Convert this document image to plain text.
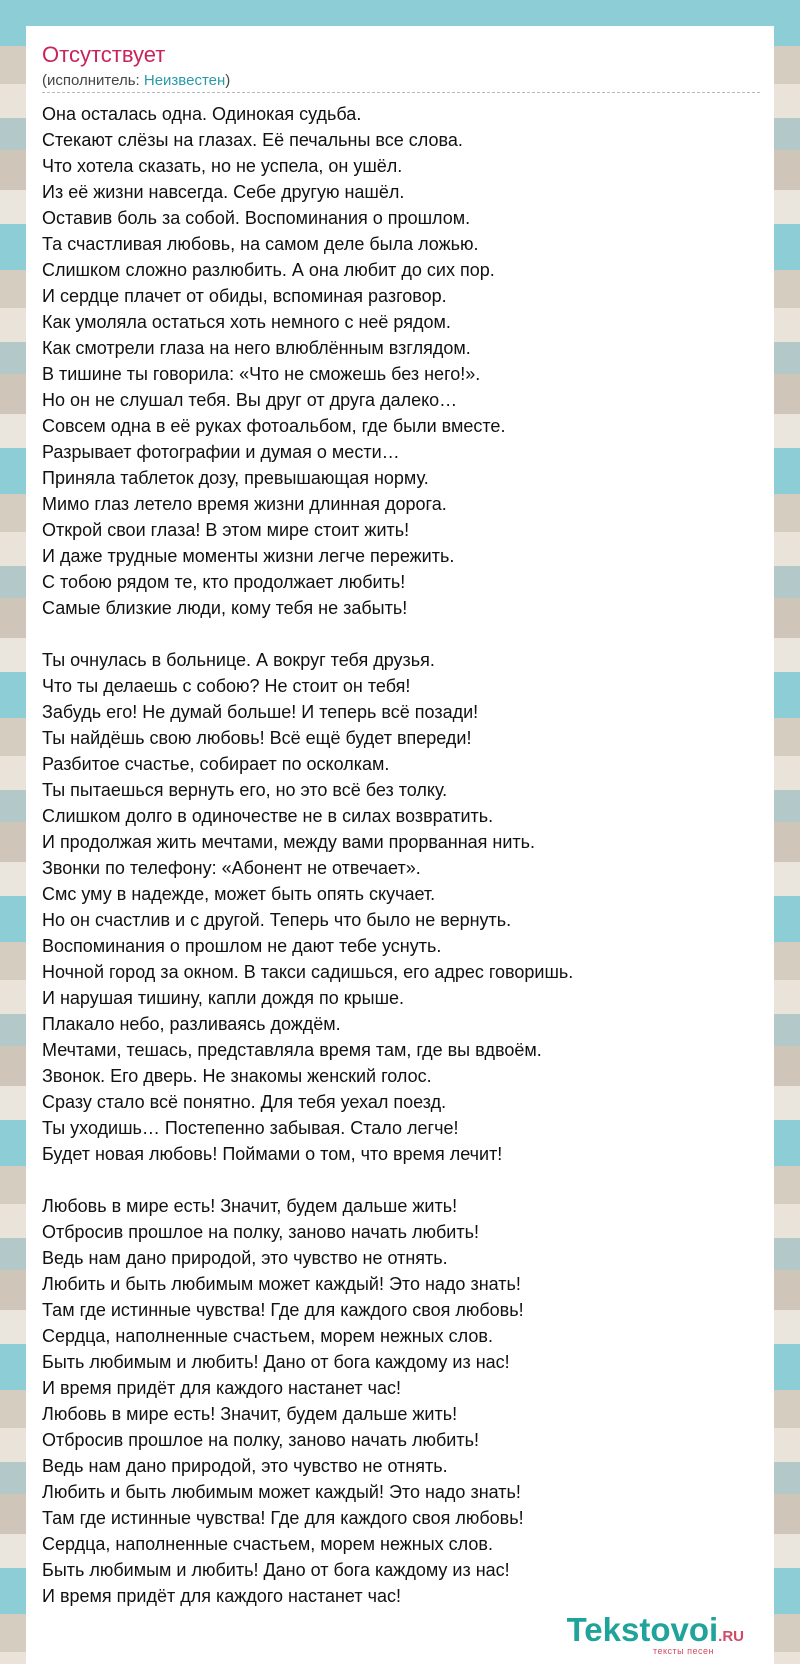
Отсутствует
(исполнитель: Неизвестен)
Она осталась одна. Одинокая судьба.
Стекают слёзы на глазах. Её печальны все слова.
Что хотела сказать, но не успела, он ушёл.
Из её жизни навсегда. Себе другую нашёл.
Оставив боль за собой. Воспоминания о прошлом.
Та счастливая любовь, на самом деле была ложью.
Слишком сложно разлюбить. А она любит до сих пор.
И сердце плачет от обиды, вспоминая разговор.
Как умоляла остаться хоть немного с неё рядом.
Как смотрели глаза на него влюблённым взглядом.
В тишине ты говорила: «Что не сможешь без него!».
Но он не слушал тебя. Вы друг от друга далеко…
Совсем одна в её руках фотоальбом, где были вместе.
Разрывает фотографии и думая о мести…
Приняла таблеток дозу, превышающая норму.
Мимо глаз летело время жизни длинная дорога.
Открой свои глаза! В этом мире стоит жить!
И даже трудные моменты жизни легче пережить.
С тобою рядом те, кто продолжает любить!
Самые близкие люди, кому тебя не забыть!
Ты очнулась в больнице. А вокруг тебя друзья.
Что ты делаешь с собою? Не стоит он тебя!
Забудь его! Не думай больше! И теперь всё позади!
Ты найдёшь свою любовь! Всё ещё будет впереди!
Разбитое счастье, собирает по осколкам.
Ты пытаешься вернуть его, но это всё без толку.
Слишком долго в одиночестве не в силах возвратить.
И продолжая жить мечтами, между вами прорванная нить.
Звонки по телефону: «Абонент не отвечает».
Смс уму в надежде, может быть опять скучает.
Но он счастлив и с другой. Теперь что было не вернуть.
Воспоминания о прошлом не дают тебе уснуть.
Ночной город за окном. В такси садишься, его адрес говоришь.
И нарушая тишину, капли дождя по крыше.
Плакало небо, разливаясь дождём.
Мечтами, тешась, представляла время там, где вы вдвоём.
Звонок. Его дверь. Не знакомы женский голос.
Сразу стало всё понятно. Для тебя уехал поезд.
Ты уходишь… Постепенно забывая. Стало легче!
Будет новая любовь! Поймами о том, что время лечит!
Любовь в мире есть! Значит, будем дальше жить!
Отбросив прошлое на полку, заново начать любить!
Ведь нам дано природой, это чувство не отнять.
Любить и быть любимым может каждый! Это надо знать!
Там где истинные чувства! Где для каждого своя любовь!
Сердца, наполненные счастьем, морем нежных слов.
Быть любимым и любить! Дано от бога каждому из нас!
И время придёт для каждого настанет час!
Любовь в мире есть! Значит, будем дальше жить!
Отбросив прошлое на полку, заново начать любить!
Ведь нам дано природой, это чувство не отнять.
Любить и быть любимым может каждый! Это надо знать!
Там где истинные чувства! Где для каждого своя любовь!
Сердца, наполненные счастьем, морем нежных слов.
Быть любимым и любить! Дано от бога каждому из нас!
И время придёт для каждого настанет час!
Tekstovoi.RU
тексты песен
